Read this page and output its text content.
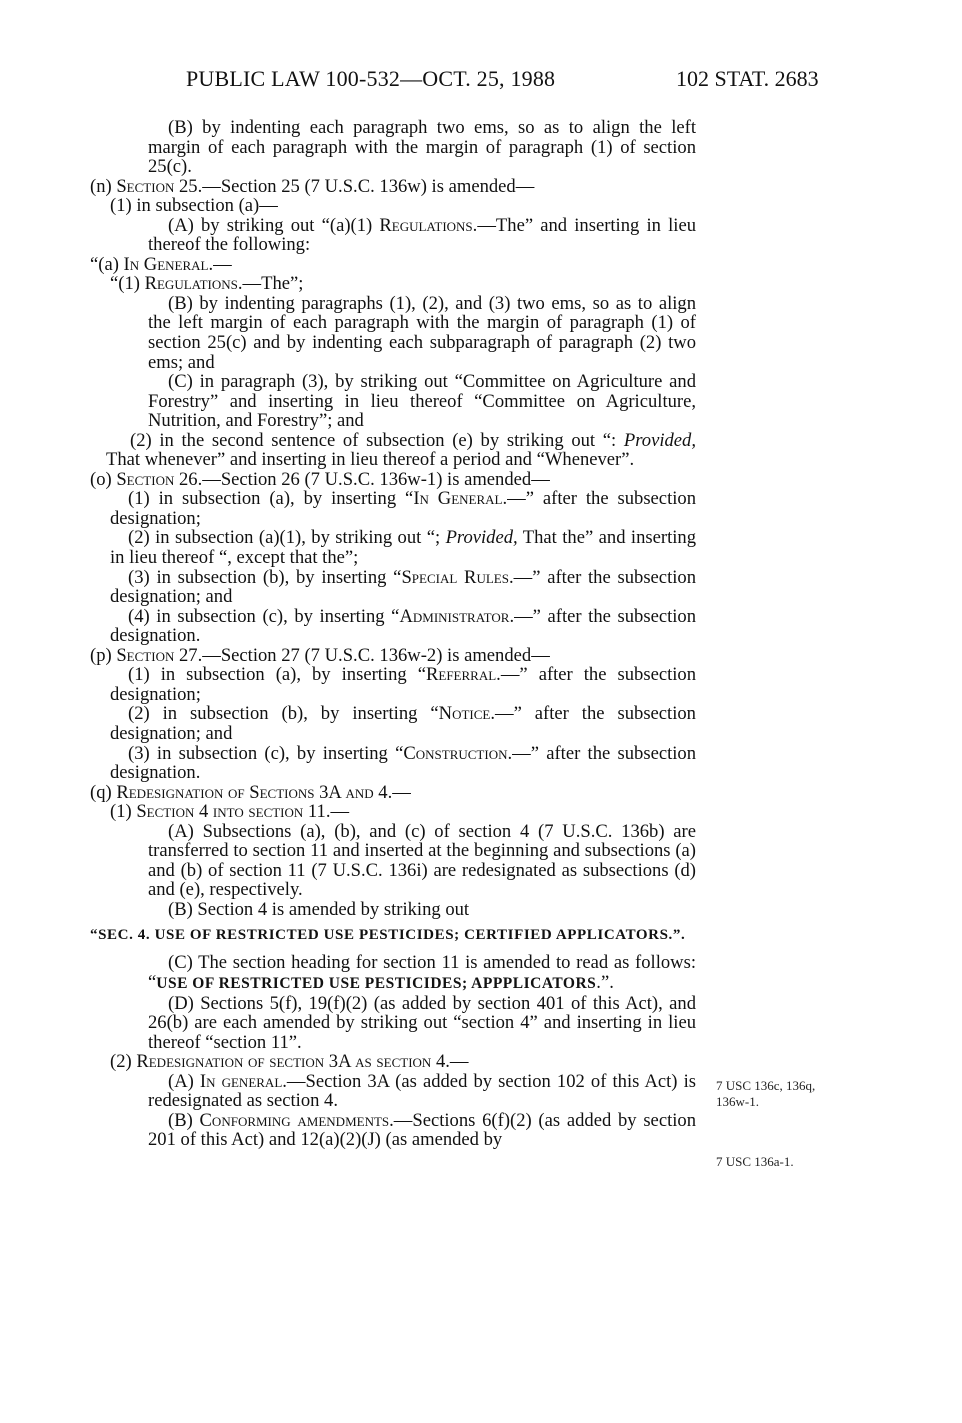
PUBLIC LAW 100-532—OCT. 25, 1988	102 STAT. 2683

(B) by indenting each paragraph two ems, so as to align the left margin of each paragraph with the margin of paragraph (1) of section 25(c).

(n) Section 25.—Section 25 (7 U.S.C. 136w) is amended—

(1) in subsection (a)—

(A) by striking out “(a)(1) Regulations.—The” and inserting in lieu thereof the following:

“(a) In General.—

“(1) Regulations.—The”;

(B) by indenting paragraphs (1), (2), and (3) two ems, so as to align the left margin of each paragraph with the margin of paragraph (1) of section 25(c) and by indenting each subparagraph of paragraph (2) two ems; and

(C) in paragraph (3), by striking out “Committee on Agriculture and Forestry” and inserting in lieu thereof “Committee on Agriculture, Nutrition, and Forestry”; and

(2) in the second sentence of subsection (e) by striking out “: Provided, That whenever” and inserting in lieu thereof a period and “Whenever”.

(o) Section 26.—Section 26 (7 U.S.C. 136w-1) is amended—

(1) in subsection (a), by inserting “In General.—” after the subsection designation;

(2) in subsection (a)(1), by striking out “; Provided, That the” and inserting in lieu thereof “, except that the”;

(3) in subsection (b), by inserting “Special Rules.—” after the subsection designation; and

(4) in subsection (c), by inserting “Administrator.—” after the subsection designation.

(p) Section 27.—Section 27 (7 U.S.C. 136w-2) is amended—

(1) in subsection (a), by inserting “Referral.—” after the subsection designation;

(2) in subsection (b), by inserting “Notice.—” after the subsection designation; and

(3) in subsection (c), by inserting “Construction.—” after the subsection designation.

(q) Redesignation of Sections 3A and 4.—

(1) Section 4 into section 11.—

(A) Subsections (a), (b), and (c) of section 4 (7 U.S.C. 136b) are transferred to section 11 and inserted at the beginning and subsections (a) and (b) of section 11 (7 U.S.C. 136i) are redesignated as subsections (d) and (e), respectively.

(B) Section 4 is amended by striking out

“SEC. 4. USE OF RESTRICTED USE PESTICIDES; CERTIFIED APPLICATORS.”.

(C) The section heading for section 11 is amended to read as follows: “USE OF RESTRICTED USE PESTICIDES; APPPLICATORS.”.

(D) Sections 5(f), 19(f)(2) (as added by section 401 of this Act), and 26(b) are each amended by striking out “section 4” and inserting in lieu thereof “section 11”.

(2) Redesignation of section 3A as section 4.—

(A) In general.—Section 3A (as added by section 102 of this Act) is redesignated as section 4.

(B) Conforming amendments.—Sections 6(f)(2) (as added by section 201 of this Act) and 12(a)(2)(J) (as amended by

7 USC 136c, 136q, 136w-1.
7 USC 136a-1.
